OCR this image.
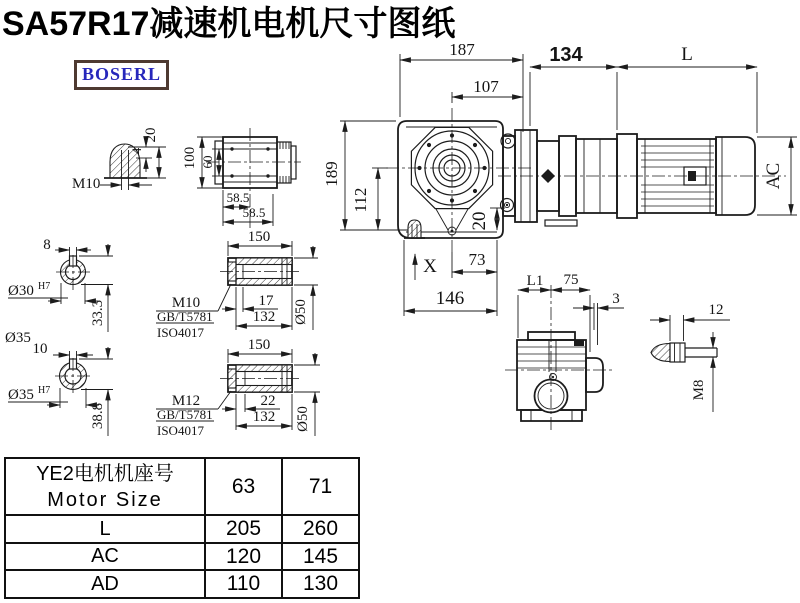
SA57R17减速机电机尺寸图纸
BOSERL
M10
4
20
100 60
58.5
58.5
8
33.3
Ø30 H7
Ø35
10
38.8
Ø35 H7
150
Ø50
17
132
M10
GB/T5781
ISO4017
150
Ø50
22
132
M12
GB/T5781
ISO4017
187
107
189
112
20
X 73
146
134	L
AC
L1 75
3
12
M8
YE2电机机座号
Motor Size	63	71
L	205	260
AC	120	145
AD	110	130
